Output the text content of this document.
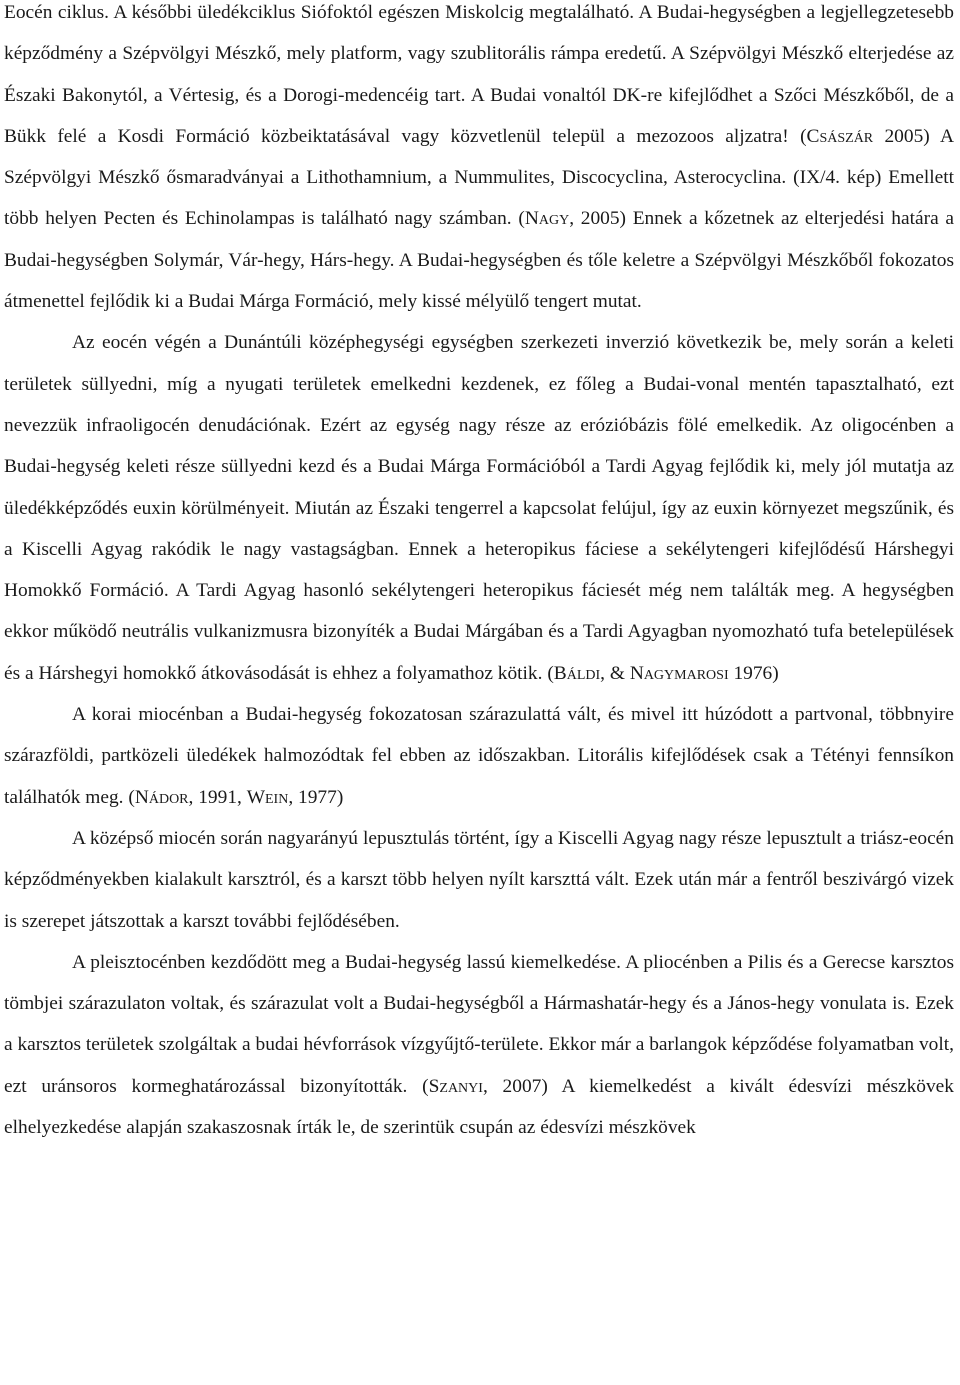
Eocén ciklus. A későbbi üledékciklus Siófoktól egészen Miskolcig megtalálható. A Budai-hegységben a legjellegzetesebb képződmény a Szépvölgyi Mészkő, mely platform, vagy szublitorális rámpa eredetű. A Szépvölgyi Mészkő elterjedése az Északi Bakonytól, a Vértesig, és a Dorogi-medencéig tart. A Budai vonaltól DK-re kifejlődhet a Szőci Mészkőből, de a Bükk felé a Kosdi Formáció közbeiktatásával vagy közvetlenül települ a mezozoos aljzatra! (Császár 2005) A Szépvölgyi Mészkő ősmaradványai a Lithothamnium, a Nummulites, Discocyclina, Asterocyclina. (IX/4. kép) Emellett több helyen Pecten és Echinolampas is található nagy számban. (Nagy, 2005) Ennek a kőzetnek az elterjedési határa a Budai-hegységben Solymár, Vár-hegy, Hárs-hegy. A Budai-hegységben és tőle keletre a Szépvölgyi Mészkőből fokozatos átmenettel fejlődik ki a Budai Márga Formáció, mely kissé mélyülő tengert mutat.

Az eocén végén a Dunántúli középhegységi egységben szerkezeti inverzió következik be, mely során a keleti területek süllyedni, míg a nyugati területek emelkedni kezdenek, ez főleg a Budai-vonal mentén tapasztalható, ezt nevezzük infraoligocén denudációnak. Ezért az egység nagy része az erózióbázis fölé emelkedik. Az oligocénben a Budai-hegység keleti része süllyedni kezd és a Budai Márga Formációból a Tardi Agyag fejlődik ki, mely jól mutatja az üledékképződés euxin körülményeit. Miután az Északi tengerrel a kapcsolat felújul, így az euxin környezet megszűnik, és a Kiscelli Agyag rakódik le nagy vastagságban. Ennek a heteropikus fáciese a sekélytengeri kifejlődésű Hárshegyi Homokkő Formáció. A Tardi Agyag hasonló sekélytengeri heteropikus fáciesét még nem találták meg. A hegységben ekkor működő neutrális vulkanizmusra bizonyíték a Budai Márgában és a Tardi Agyagban nyomozható tufa betelepülések és a Hárshegyi homokkő átkovásodását is ehhez a folyamathoz kötik. (Báldi, & Nagymarosi 1976)

A korai miocénban a Budai-hegység fokozatosan szárazulattá vált, és mivel itt húzódott a partvonal, többnyire szárazföldi, partközeli üledékek halmozódtak fel ebben az időszakban. Litorális kifejlődések csak a Tétényi fennsíkon találhatók meg. (Nádor, 1991, Wein, 1977)

A középső miocén során nagyarányú lepusztulás történt, így a Kiscelli Agyag nagy része lepusztult a triász-eocén képződményekben kialakult karsztról, és a karszt több helyen nyílt karszttá vált. Ezek után már a fentről beszivárgó vizek is szerepet játszottak a karszt további fejlődésében.

A pleisztocénben kezdődött meg a Budai-hegység lassú kiemelkedése. A pliocénben a Pilis és a Gerecse karsztos tömbjei szárazulaton voltak, és szárazulat volt a Budai-hegységből a Hármashatár-hegy és a János-hegy vonulata is. Ezek a karsztos területek szolgáltak a budai hévforrások vízgyűjtő-területe. Ekkor már a barlangok képződése folyamatban volt, ezt uránsoros kormeghatározással bizonyították. (Szanyi, 2007) A kiemelkedést a kivált édesvízi mészkövek elhelyezkedése alapján szakaszosnak írták le, de szerintük csupán az édesvízi mészkövek
